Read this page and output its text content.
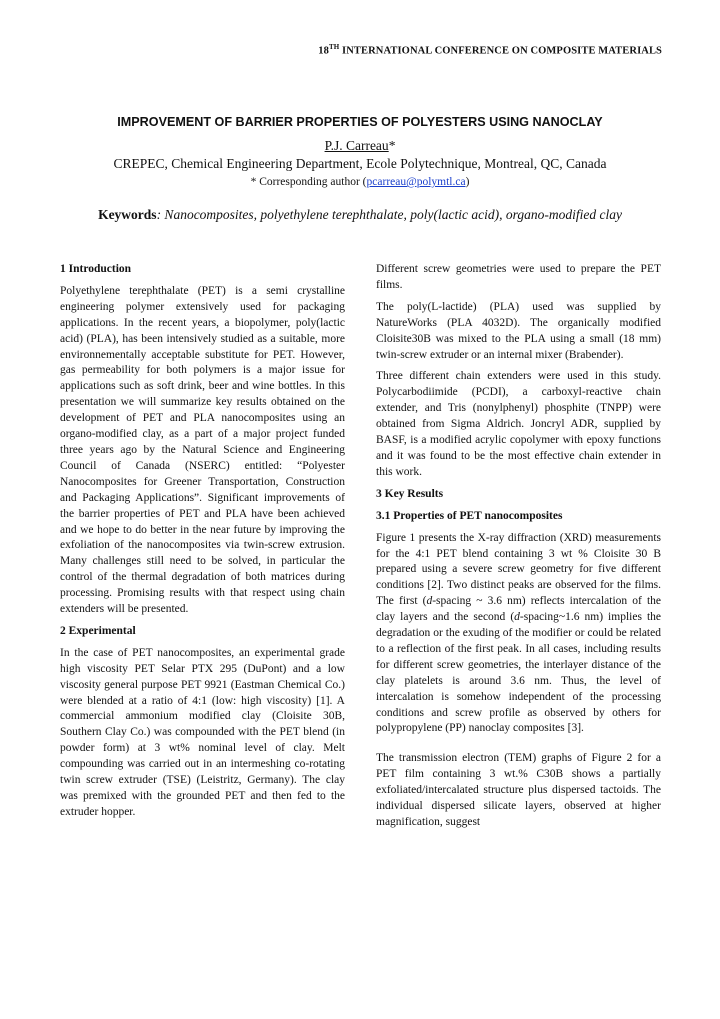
18TH INTERNATIONAL CONFERENCE ON COMPOSITE MATERIALS
IMPROVEMENT OF BARRIER PROPERTIES OF POLYESTERS USING NANOCLAY
P.J. Carreau*
CREPEC, Chemical Engineering Department, Ecole Polytechnique, Montreal, QC, Canada
* Corresponding author (pcarreau@polymtl.ca)
Keywords: Nanocomposites, polyethylene terephthalate, poly(lactic acid), organo-modified clay
1 Introduction

Polyethylene terephthalate (PET) is a semi crystalline engineering polymer extensively used for packaging applications. In the recent years, a biopolymer, poly(lactic acid) (PLA), has been intensively studied as a suitable, more environnementally acceptable substitute for PET. However, gas permeability for both polymers is a major issue for applications such as soft drink, beer and wine bottles. In this presentation we will summarize key results obtained on the development of PET and PLA nanocomposites using an organo-modified clay, as a part of a major project funded three years ago by the Natural Science and Engineering Council of Canada (NSERC) entitled: “Polyester Nanocomposites for Greener Transportation, Construction and Packaging Applications”. Significant improvements of the barrier properties of PET and PLA have been achieved and we hope to do better in the near future by improving the exfoliation of the nanocomposites via twin-screw extrusion. Many challenges still need to be solved, in particular the control of the thermal degradation of both matrices during processing. Promising results with that respect using chain extenders will be presented.

2 Experimental

In the case of PET nanocomposites, an experimental grade high viscosity PET Selar PTX 295 (DuPont) and a low viscosity general purpose PET 9921 (Eastman Chemical Co.) were blended at a ratio of 4:1 (low: high viscosity) [1]. A commercial ammonium modified clay (Cloisite 30B, Southern Clay Co.) was compounded with the PET blend (in powder form) at 3 wt% nominal level of clay. Melt compounding was carried out in an intermeshing co-rotating twin screw extruder (TSE) (Leistritz, Germany). The clay was premixed with the grounded PET and then fed to the extruder hopper.

Different screw geometries were used to prepare the PET films.

The poly(L-lactide) (PLA) used was supplied by NatureWorks (PLA 4032D). The organically modified Cloisite30B was mixed to the PLA using a small (18 mm) twin-screw extruder or an internal mixer (Brabender).

Three different chain extenders were used in this study. Polycarbodiimide (PCDI), a carboxyl-reactive chain extender, and Tris (nonylphenyl) phosphite (TNPP) were obtained from Sigma Aldrich. Joncryl ADR, supplied by BASF, is a modified acrylic copolymer with epoxy functions and it was found to be the most effective chain extender in this work.

3 Key Results
3.1 Properties of PET nanocomposites

Figure 1 presents the X-ray diffraction (XRD) measurements for the 4:1 PET blend containing 3 wt % Cloisite 30 B prepared using a severe screw geometry for five different conditions [2]. Two distinct peaks are observed for the films. The first (d-spacing ~ 3.6 nm) reflects intercalation of the clay layers and the second (d-spacing~1.6 nm) implies the degradation or the exuding of the modifier or could be related to a reflection of the first peak. In all cases, including results for different screw geometries, the interlayer distance of the clay platelets is around 3.6 nm. Thus, the level of intercalation is somehow independent of the processing conditions and screw profile as observed by others for polypropylene (PP) nanoclay composites [3].

The transmission electron (TEM) graphs of Figure 2 for a PET film containing 3 wt.% C30B shows a partially exfoliated/intercalated structure plus dispersed tactoids. The individual dispersed silicate layers, observed at higher magnification, suggest
